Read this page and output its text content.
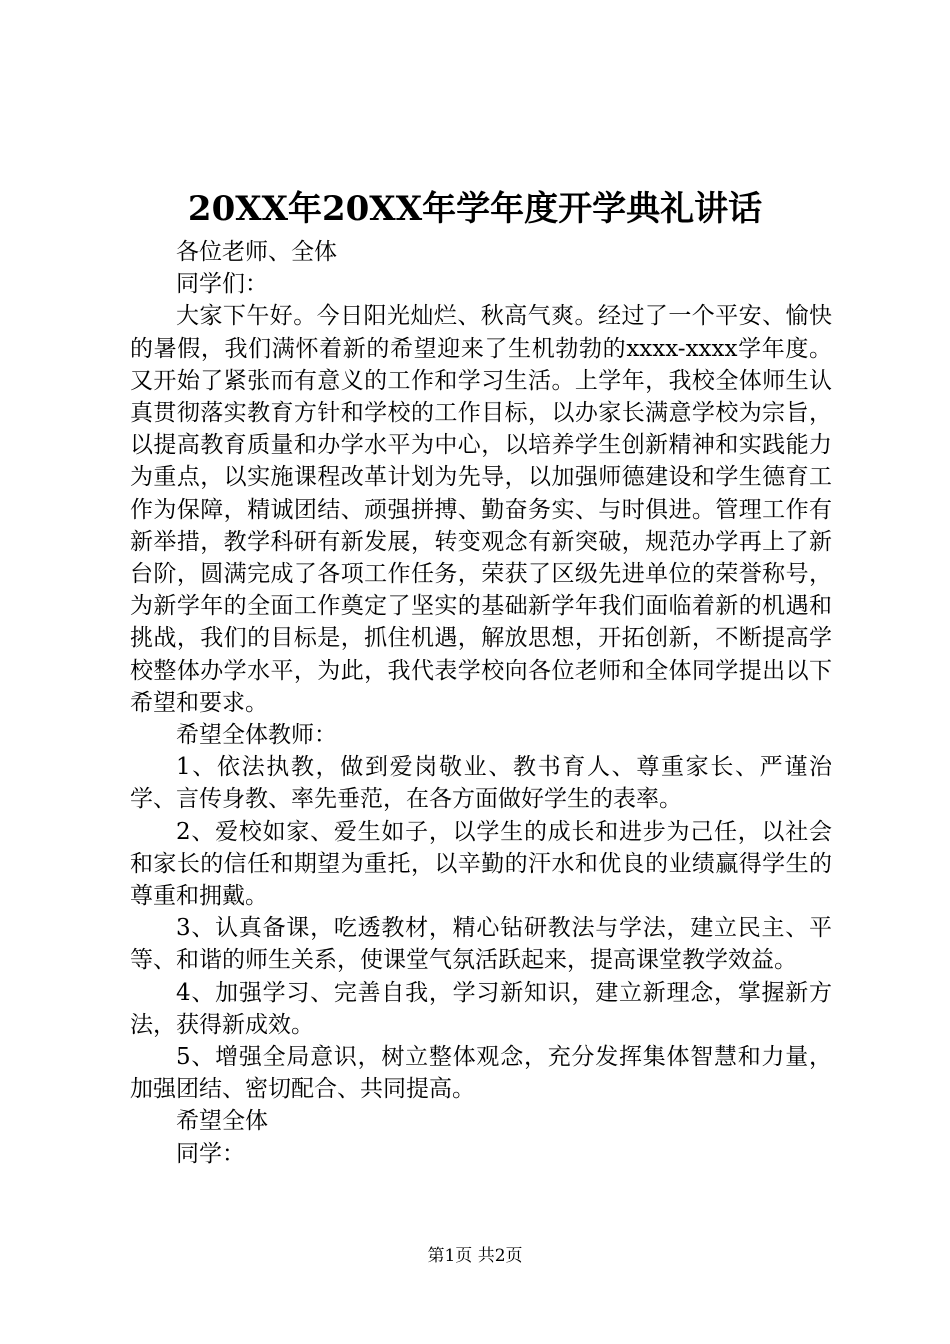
20XX年20XX年学年度开学典礼讲话

各位老师、全体

同学们：

大家下午好。今日阳光灿烂、秋高气爽。经过了一个平安、愉快的暑假，我们满怀着新的希望迎来了生机勃勃的xxxx-xxxx学年度。又开始了紧张而有意义的工作和学习生活。上学年，我校全体师生认真贯彻落实教育方针和学校的工作目标，以办家长满意学校为宗旨，以提高教育质量和办学水平为中心，以培养学生创新精神和实践能力为重点，以实施课程改革计划为先导，以加强师德建设和学生德育工作为保障，精诚团结、顽强拼搏、勤奋务实、与时俱进。管理工作有新举措，教学科研有新发展，转变观念有新突破，规范办学再上了新台阶，圆满完成了各项工作任务，荣获了区级先进单位的荣誉称号，为新学年的全面工作奠定了坚实的基础新学年我们面临着新的机遇和挑战，我们的目标是，抓住机遇，解放思想，开拓创新，不断提高学校整体办学水平，为此，我代表学校向各位老师和全体同学提出以下希望和要求。

希望全体教师：

1、依法执教，做到爱岗敬业、教书育人、尊重家长、严谨治学、言传身教、率先垂范，在各方面做好学生的表率。

2、爱校如家、爱生如子，以学生的成长和进步为己任，以社会和家长的信任和期望为重托，以辛勤的汗水和优良的业绩赢得学生的尊重和拥戴。

3、认真备课，吃透教材，精心钻研教法与学法，建立民主、平等、和谐的师生关系，使课堂气氛活跃起来，提高课堂教学效益。

4、加强学习、完善自我，学习新知识，建立新理念，掌握新方法，获得新成效。

5、增强全局意识，树立整体观念，充分发挥集体智慧和力量，加强团结、密切配合、共同提高。

希望全体

同学：

第1页 共2页
